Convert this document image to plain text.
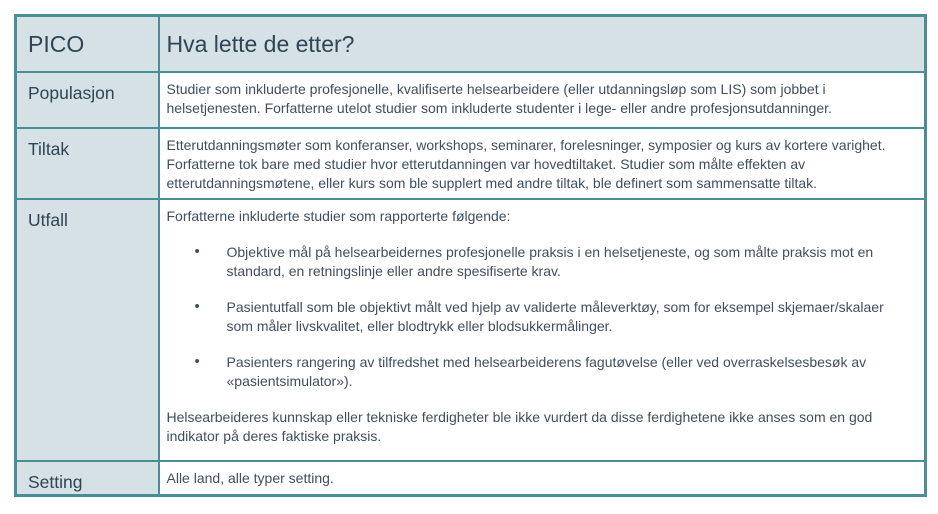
PICO	Hva lette de etter?
Populasjon	Studier som inkluderte profesjonelle, kvalifiserte helsearbeidere (eller utdanningsløp som LIS) som jobbet i helsetjenesten. Forfatterne utelot studier som inkluderte studenter i lege- eller andre profesjonsutdanninger.

Tiltak	Etterutdanningsmøter som konferanser, workshops, seminarer, forelesninger, symposier og kurs av kortere varighet. Forfatterne tok bare med studier hvor etterutdanningen var hovedtiltaket. Studier som målte effekten av etterutdanningsmøtene, eller kurs som ble supplert med andre tiltak, ble definert som sammensatte tiltak.

Utfall	Forfatterne inkluderte studier som rapporterte følgende:

• Objektive mål på helsearbeidernes profesjonelle praksis i en helsetjeneste, og som målte praksis mot en standard, en retningslinje eller andre spesifiserte krav.
• Pasientutfall som ble objektivt målt ved hjelp av validerte måleverktøy, som for eksempel skjemaer/skalaer som måler livskvalitet, eller blodtrykk eller blodsukkermålinger.
• Pasienters rangering av tilfredshet med helsearbeiderens fagutøvelse (eller ved overraskelsesbesøk av «pasientsimulator»).

Helsearbeideres kunnskap eller tekniske ferdigheter ble ikke vurdert da disse ferdighetene ikke anses som en god indikator på deres faktiske praksis.

Setting	Alle land, alle typer setting.
